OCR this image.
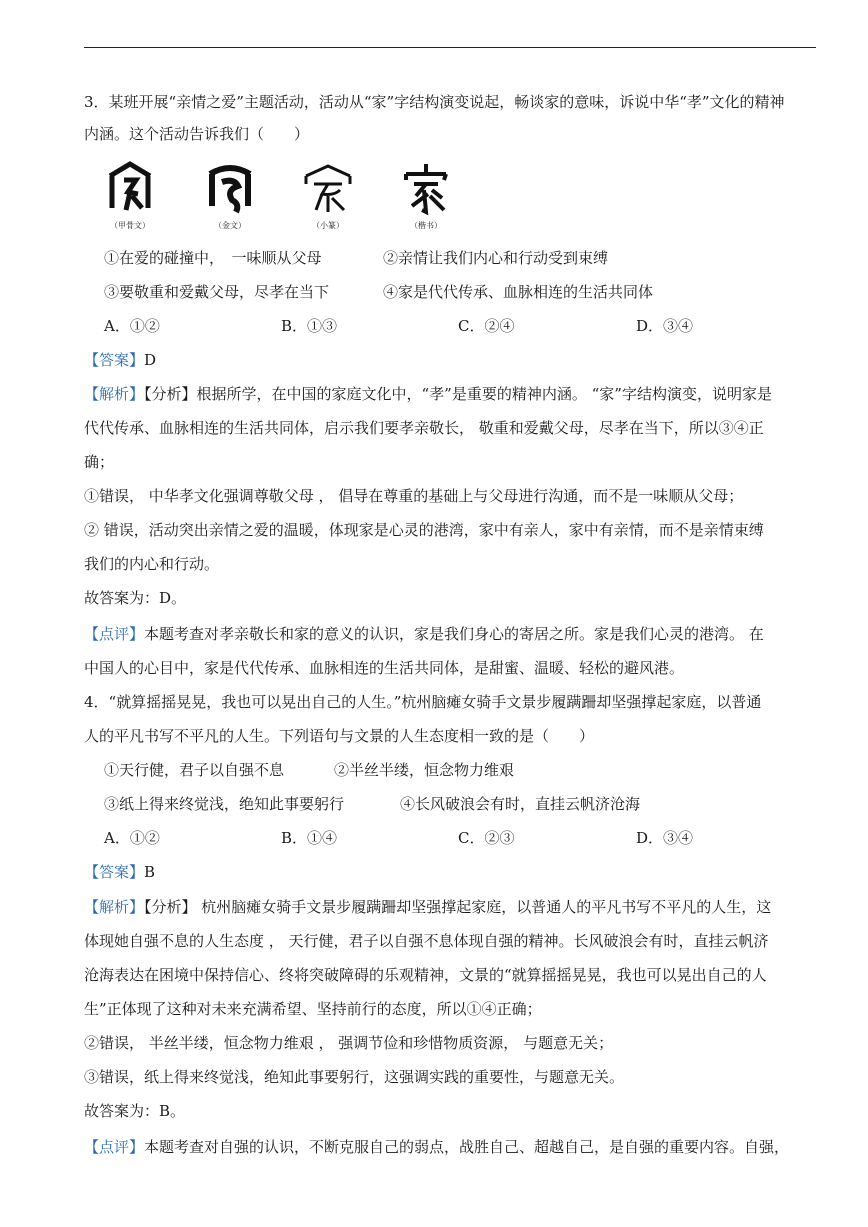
3．某班开展“亲情之爱”主题活动，活动从“家”字结构演变说起，畅谈家的意味，诉说中华“孝”文化的精神
内涵。这个活动告诉我们（　　）
（甲骨文）	（金文）	（小篆）	（楷书）
①在爱的碰撞中，　一味顺从父母	②亲情让我们内心和行动受到束缚
③要敬重和爱戴父母，尽孝在当下	④家是代代传承、血脉相连的生活共同体
A．①②	B．①③	C．②④	D．③④
【答案】D
【解析】【分析】根据所学，在中国的家庭文化中，“孝”是重要的精神内涵。 “家”字结构演变，说明家是
代代传承、血脉相连的生活共同体，启示我们要孝亲敬长， 敬重和爱戴父母，尽孝在当下，所以③④正
确；
①错误， 中华孝文化强调尊敬父母 ， 倡导在尊重的基础上与父母进行沟通，而不是一味顺从父母；
② 错误，活动突出亲情之爱的温暖，体现家是心灵的港湾，家中有亲人，家中有亲情，而不是亲情束缚
我们的内心和行动。
故答案为：D。
【点评】本题考查对孝亲敬长和家的意义的认识，家是我们身心的寄居之所。家是我们心灵的港湾。 在
中国人的心目中，家是代代传承、血脉相连的生活共同体，是甜蜜、温暖、轻松的避风港。
4．“就算摇摇晃晃，我也可以晃出自己的人生。”杭州脑瘫女骑手文景步履蹒跚却坚强撑起家庭，以普通
人的平凡书写不平凡的人生。下列语句与文景的人生态度相一致的是（　　）
①天行健，君子以自强不息	②半丝半缕，恒念物力维艰
③纸上得来终觉浅，绝知此事要躬行	④长风破浪会有时，直挂云帆济沧海
A．①②	B．①④	C．②③	D．③④
【答案】B
【解析】【分析】 杭州脑瘫女骑手文景步履蹒跚却坚强撑起家庭，以普通人的平凡书写不平凡的人生，这
体现她自强不息的人生态度 ， 天行健，君子以自强不息体现自强的精神。长风破浪会有时，直挂云帆济
沧海表达在困境中保持信心、终将突破障碍的乐观精神，文景的“就算摇摇晃晃，我也可以晃出自己的人
生”正体现了这种对未来充满希望、坚持前行的态度，所以①④正确；
②错误， 半丝半缕，恒念物力维艰 ， 强调节俭和珍惜物质资源， 与题意无关；
③错误，纸上得来终觉浅，绝知此事要躬行，这强调实践的重要性，与题意无关。
故答案为：B。
【点评】本题考查对自强的认识，不断克服自己的弱点，战胜自己、超越自己，是自强的重要内容。自强，
